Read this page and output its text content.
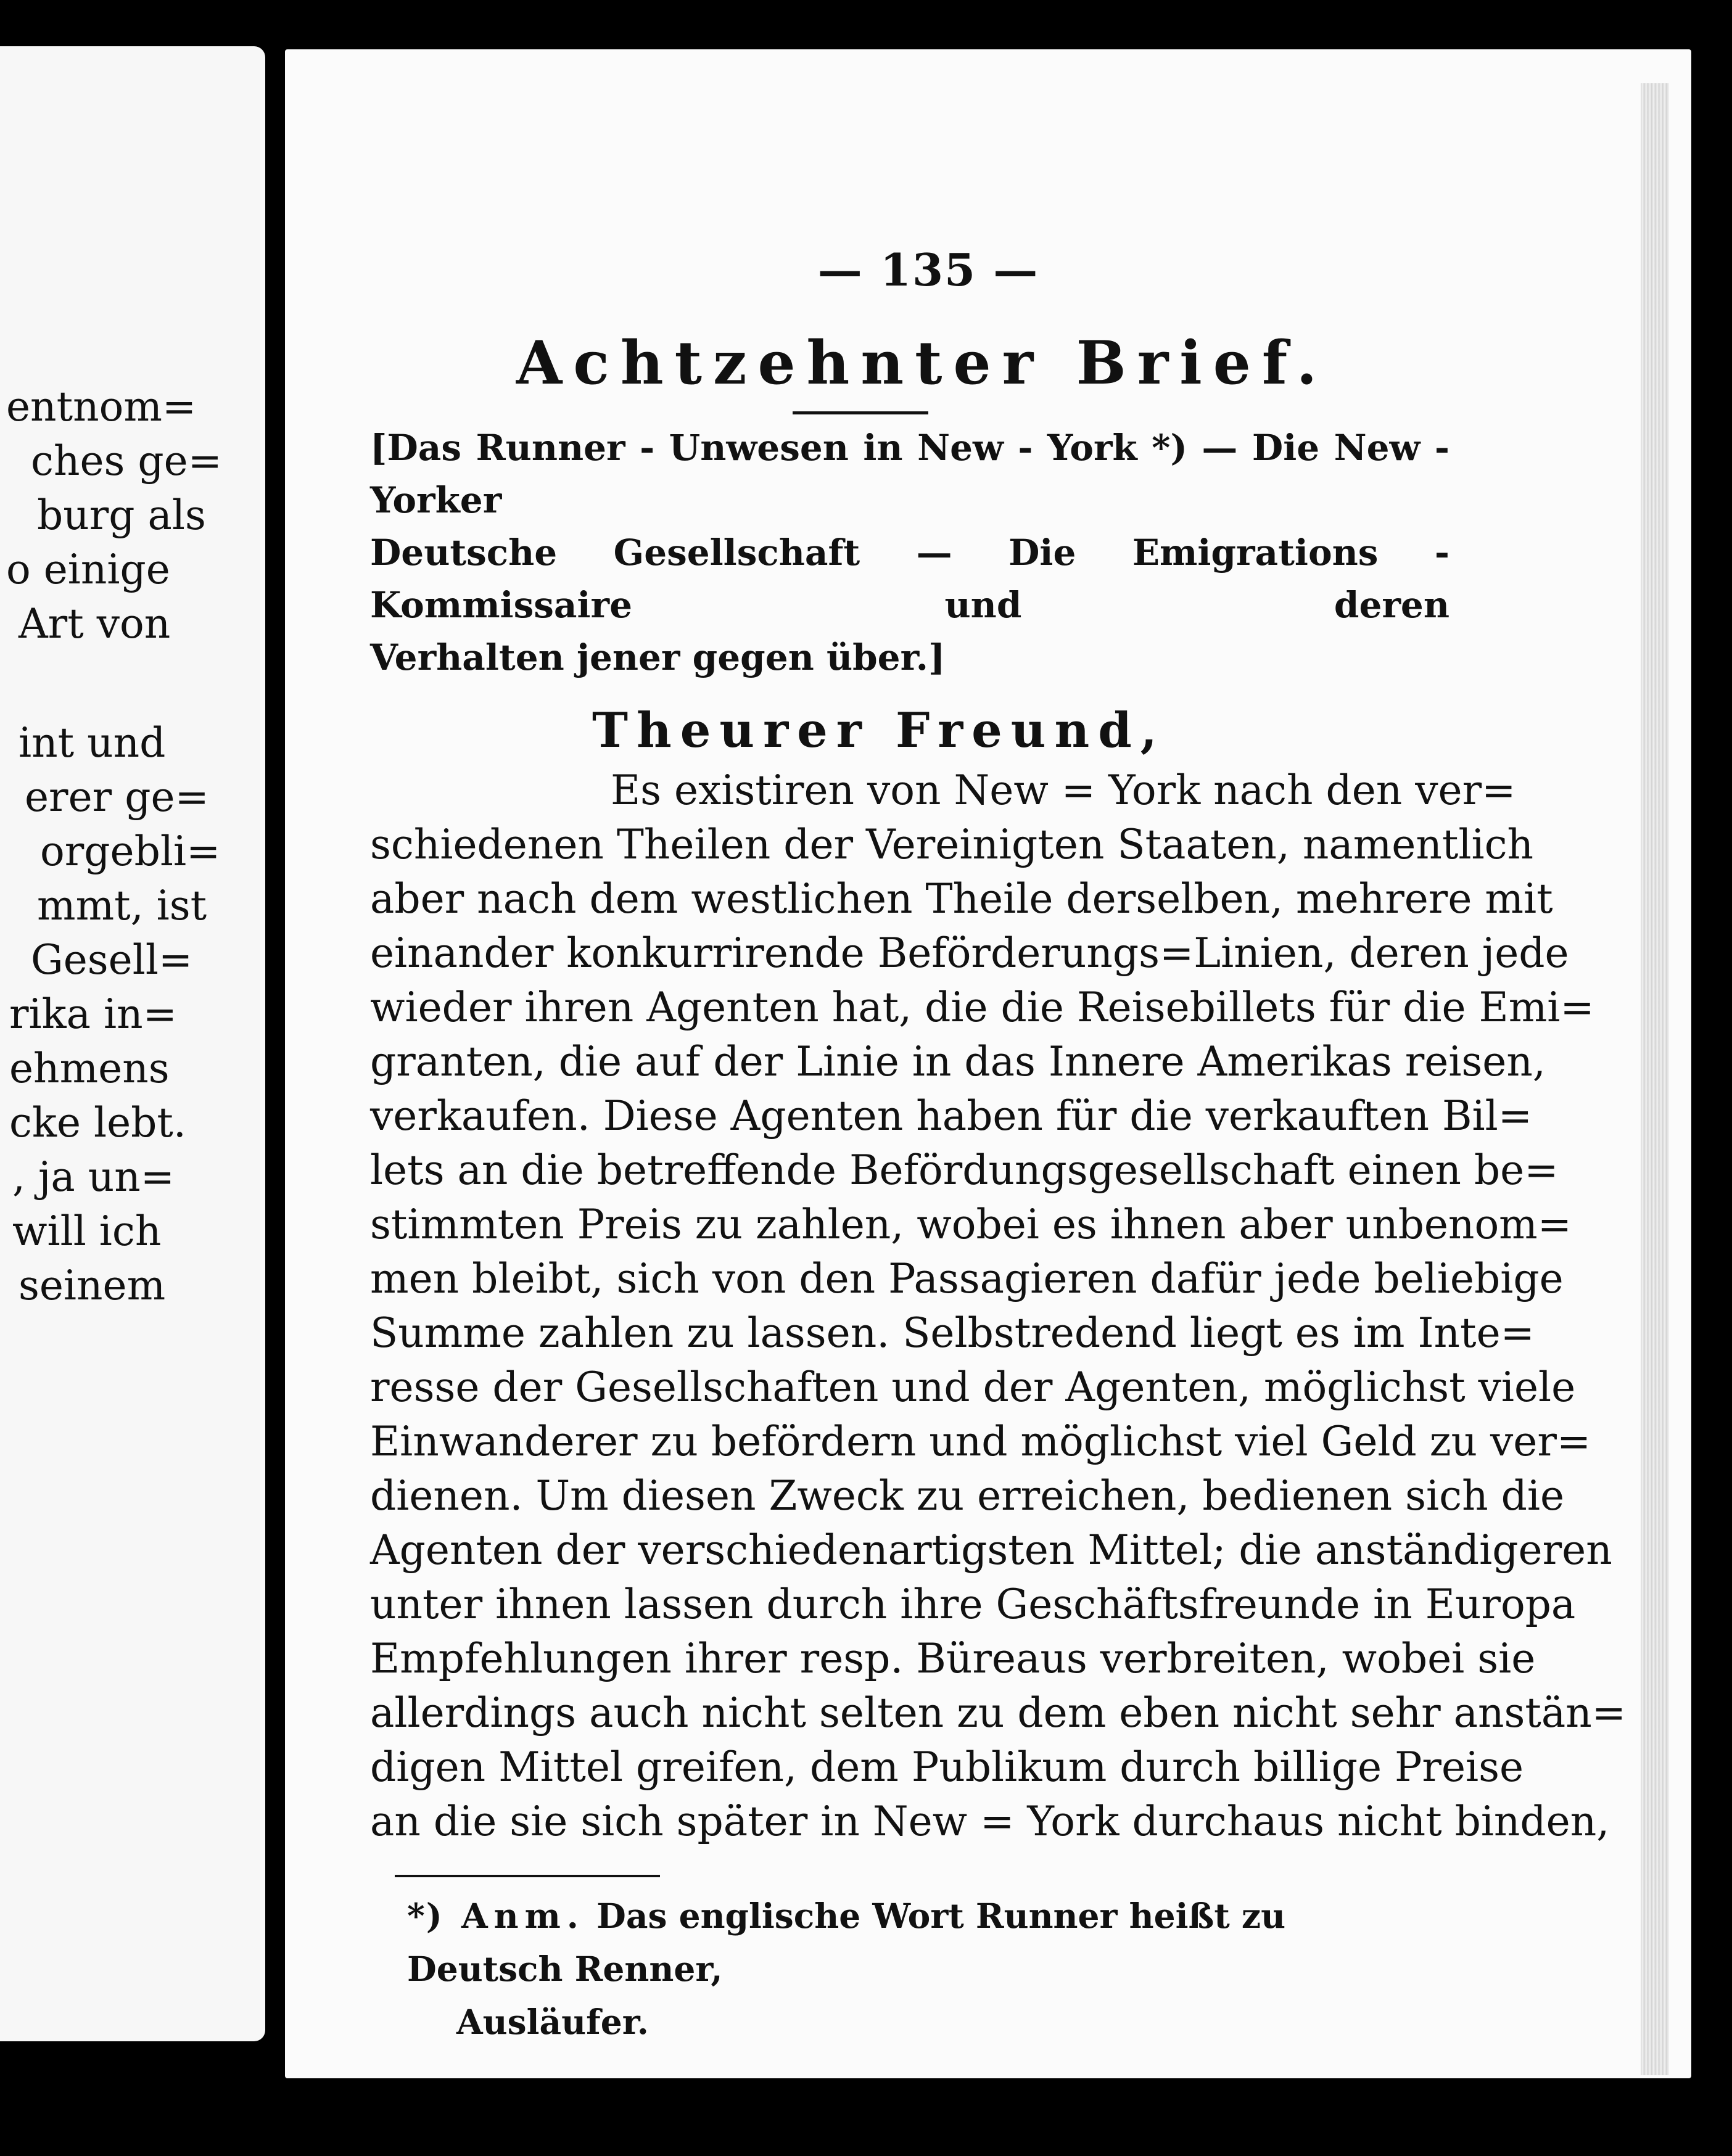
entnom=
ches ge=
burg als
o einige
Art von
int und
erer ge=
orgebli=
mmt, ist
Gesell=
rika in=
ehmens
cke lebt.
, ja un=
will ich
seinem
— 135 —
Achtzehnter Brief.
[Das Runner - Unwesen in New - York *) — Die New - Yorker
Deutsche Gesellschaft — Die Emigrations - Kommissaire und deren
Verhalten jener gegen über.]
Theurer Freund,
Es existiren von New = York nach den ver=
schiedenen Theilen der Vereinigten Staaten, namentlich
aber nach dem westlichen Theile derselben, mehrere mit
einander konkurrirende Beförderungs=Linien, deren jede
wieder ihren Agenten hat, die die Reisebillets für die Emi=
granten, die auf der Linie in das Innere Amerikas reisen,
verkaufen. Diese Agenten haben für die verkauften Bil=
lets an die betreffende Befördungsgesellschaft einen be=
stimmten Preis zu zahlen, wobei es ihnen aber unbenom=
men bleibt, sich von den Passagieren dafür jede beliebige
Summe zahlen zu lassen. Selbstredend liegt es im Inte=
resse der Gesellschaften und der Agenten, möglichst viele
Einwanderer zu befördern und möglichst viel Geld zu ver=
dienen. Um diesen Zweck zu erreichen, bedienen sich die
Agenten der verschiedenartigsten Mittel; die anständigeren
unter ihnen lassen durch ihre Geschäftsfreunde in Europa
Empfehlungen ihrer resp. Büreaus verbreiten, wobei sie
allerdings auch nicht selten zu dem eben nicht sehr anstän=
digen Mittel greifen, dem Publikum durch billige Preise
an die sie sich später in New = York durchaus nicht binden,
*) Anm. Das englische Wort Runner heißt zu Deutsch Renner,
Ausläufer.
